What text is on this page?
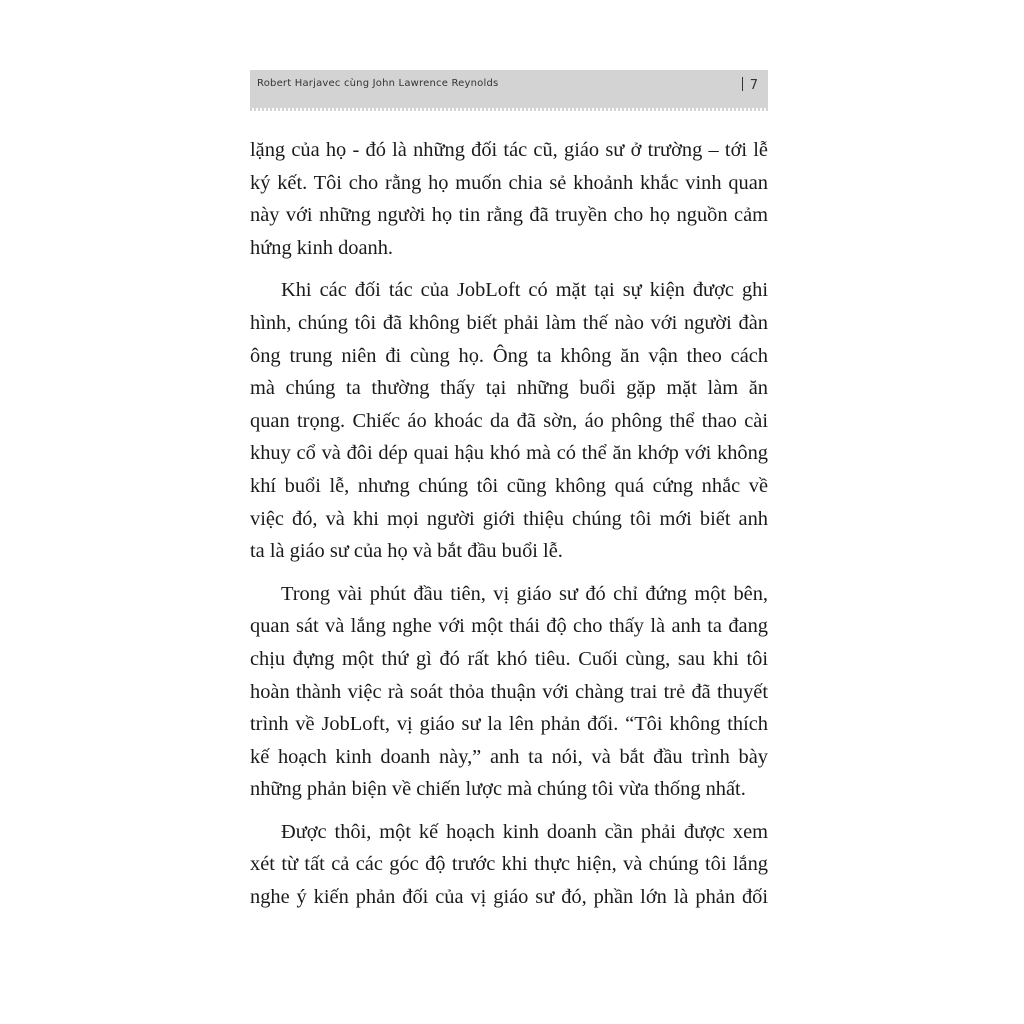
Robert Harjavec cùng John Lawrence Reynolds	7

lặng của họ - đó là những đối tác cũ, giáo sư ở trường – tới lễ
ký kết. Tôi cho rằng họ muốn chia sẻ khoảnh khắc vinh quan
này với những người họ tin rằng đã truyền cho họ nguồn cảm
hứng kinh doanh.

Khi các đối tác của JobLoft có mặt tại sự kiện được ghi
hình, chúng tôi đã không biết phải làm thế nào với người đàn
ông trung niên đi cùng họ. Ông ta không ăn vận theo cách
mà chúng ta thường thấy tại những buổi gặp mặt làm ăn
quan trọng. Chiếc áo khoác da đã sờn, áo phông thể thao cài
khuy cổ và đôi dép quai hậu khó mà có thể ăn khớp với không
khí buổi lễ, nhưng chúng tôi cũng không quá cứng nhắc về
việc đó, và khi mọi người giới thiệu chúng tôi mới biết anh
ta là giáo sư của họ và bắt đầu buổi lễ.

Trong vài phút đầu tiên, vị giáo sư đó chỉ đứng một bên,
quan sát và lắng nghe với một thái độ cho thấy là anh ta đang
chịu đựng một thứ gì đó rất khó tiêu. Cuối cùng, sau khi tôi
hoàn thành việc rà soát thỏa thuận với chàng trai trẻ đã thuyết
trình về JobLoft, vị giáo sư la lên phản đối. “Tôi không thích
kế hoạch kinh doanh này,” anh ta nói, và bắt đầu trình bày
những phản biện về chiến lược mà chúng tôi vừa thống nhất.

Được thôi, một kế hoạch kinh doanh cần phải được xem
xét từ tất cả các góc độ trước khi thực hiện, và chúng tôi lắng
nghe ý kiến phản đối của vị giáo sư đó, phần lớn là phản đối
